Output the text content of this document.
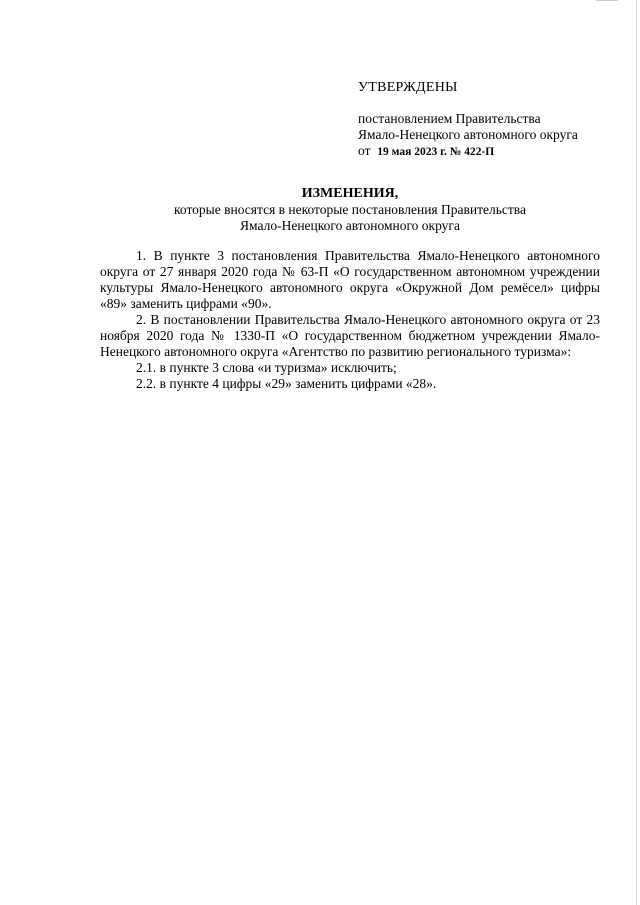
УТВЕРЖДЕНЫ
постановлением Правительства
Ямало-Ненецкого автономного округа
от 19 мая 2023 г. № 422-П
ИЗМЕНЕНИЯ,
которые вносятся в некоторые постановления Правительства
Ямало-Ненецкого автономного округа

1. В пункте 3 постановления Правительства Ямало-Ненецкого автономного округа от 27 января 2020 года № 63-П «О государственном автономном учреждении культуры Ямало-Ненецкого автономного округа «Окружной Дом ремёсел» цифры «89» заменить цифрами «90».

2. В постановлении Правительства Ямало-Ненецкого автономного округа от 23 ноября 2020 года № 1330-П «О государственном бюджетном учреждении Ямало-Ненецкого автономного округа «Агентство по развитию регионального туризма»:

2.1. в пункте 3 слова «и туризма» исключить;

2.2. в пункте 4 цифры «29» заменить цифрами «28».
